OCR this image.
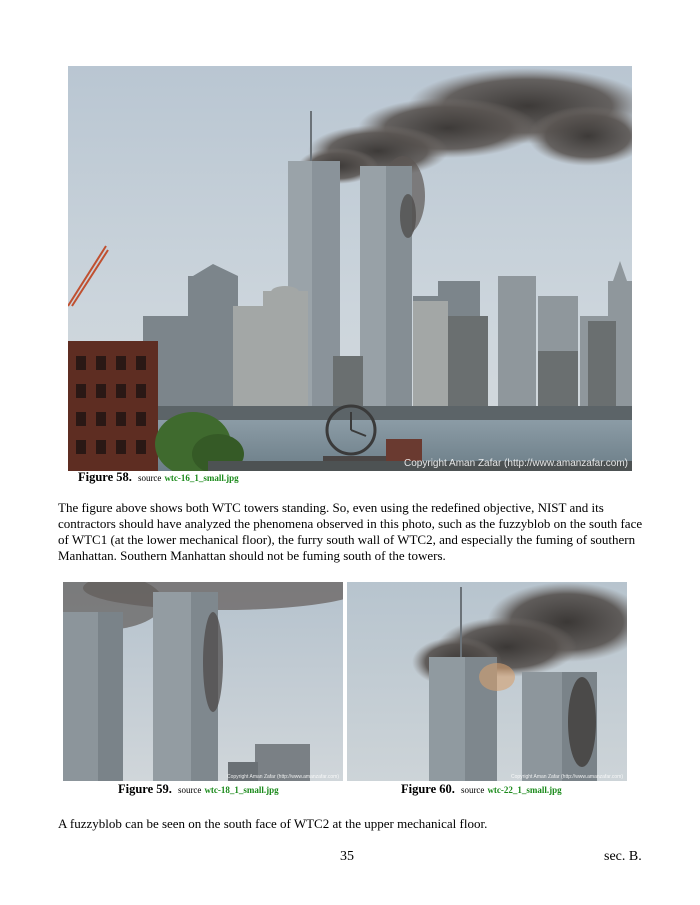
Copyright Aman Zafar (http://www.amanzafar.com)
Figure 58. source wtc-16_1_small.jpg
The figure above shows both WTC towers standing. So, even using the redefined objective, NIST and its contractors should have analyzed the phenomena observed in this photo, such as the fuzzyblob on the south face of WTC1 (at the lower mechanical floor), the furry south wall of WTC2, and especially the fuming of southern Manhattan. Southern Manhattan should not be fuming south of the towers.
Copyright Aman Zafar (http://www.amanzafar.com)	Copyright Aman Zafar (http://www.amanzafar.com)
Figure 59. source wtc-18_1_small.jpg	Figure 60. source wtc-22_1_small.jpg
A fuzzyblob can be seen on the south face of WTC2 at the upper mechanical floor.
35	sec. B.
